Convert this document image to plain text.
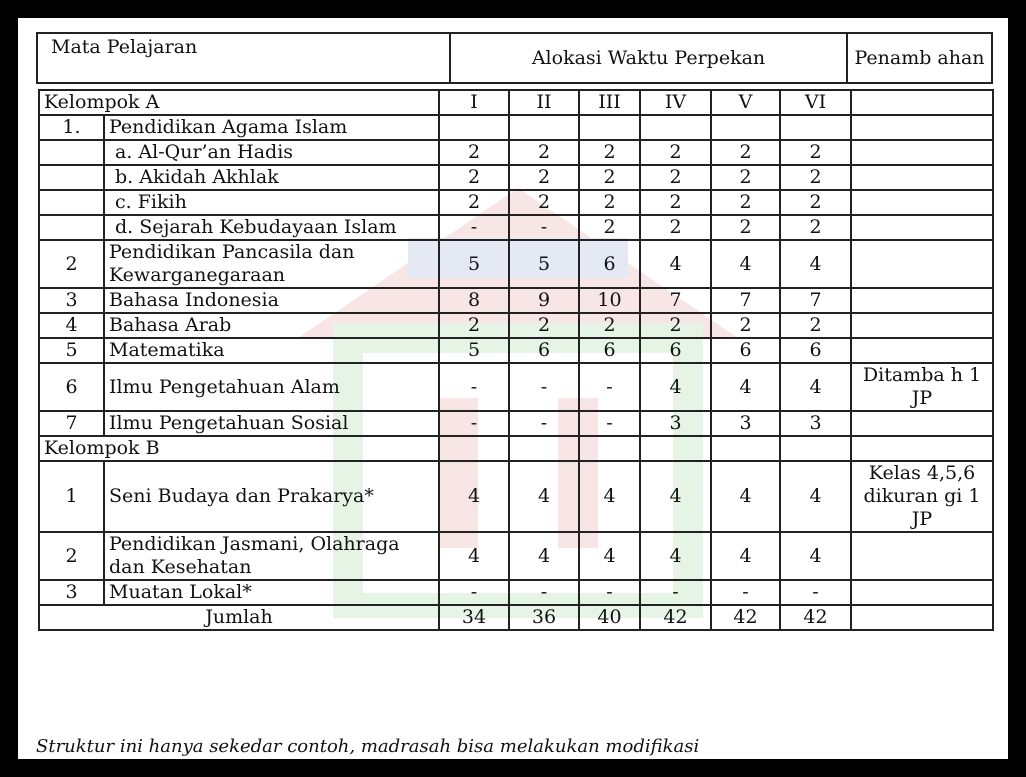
Mata Pelajaran	Alokasi Waktu Perpekan	Penamb ahan
Kelompok A		I	II	III	IV	V	VI	
1.	Pendidikan Agama Islam							
	a. Al-Qur’an Hadis	2	2	2	2	2	2	
	b. Akidah Akhlak	2	2	2	2	2	2	
	c. Fikih	2	2	2	2	2	2	
	d. Sejarah Kebudayaan Islam	-	-	2	2	2	2	
2	Pendidikan Pancasila dan Kewarganegaraan	5	5	6	4	4	4	
3	Bahasa Indonesia	8	9	10	7	7	7	
4	Bahasa Arab	2	2	2	2	2	2	
5	Matematika	5	6	6	6	6	6	
6	Ilmu Pengetahuan Alam	-	-	-	4	4	4	Ditamba h 1 JP
7	Ilmu Pengetahuan Sosial	-	-	-	3	3	3	
Kelompok B								
1	Seni Budaya dan Prakarya*	4	4	4	4	4	4	Kelas 4,5,6 dikuran gi 1 JP
2	Pendidikan Jasmani, Olahraga dan Kesehatan	4	4	4	4	4	4	
3	Muatan Lokal*	-	-	-	-	-	-	
Jumlah		34	36	40	42	42	42	
Struktur ini hanya sekedar contoh, madrasah bisa melakukan modifikasi
